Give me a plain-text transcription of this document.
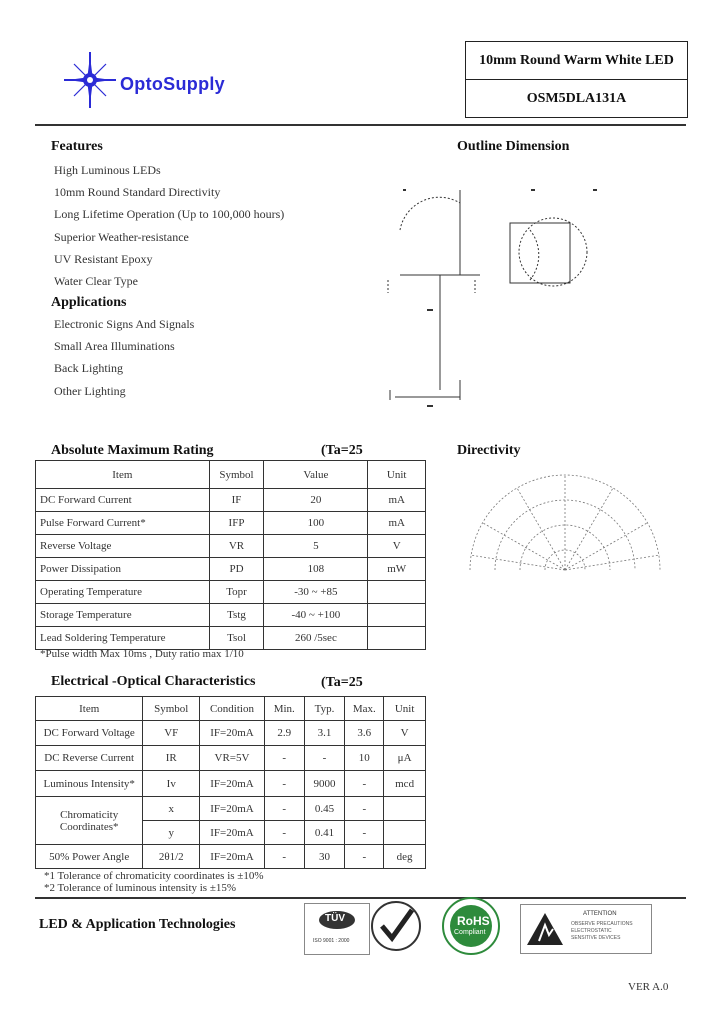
OptoSupply
10mm Round Warm White LED
OSM5DLA131A
Features
High Luminous LEDs
10mm Round Standard Directivity
Long Lifetime Operation (Up to 100,000 hours)
Superior Weather-resistance
UV Resistant Epoxy
Water Clear Type
Applications
Electronic Signs And Signals
Small Area Illuminations
Back Lighting
Other Lighting
Outline Dimension
Absolute Maximum Rating	(Ta=25
Item	Symbol	Value	Unit
DC Forward Current	IF	20	mA
Pulse Forward Current*	IFP	100	mA
Reverse Voltage	VR	5	V
Power Dissipation	PD	108	mW
Operating Temperature	Topr	-30 ~ +85	
Storage Temperature	Tstg	-40 ~ +100	
Lead Soldering Temperature	Tsol	260 /5sec	
*Pulse width Max 10ms , Duty ratio max 1/10
Directivity
Electrical -Optical Characteristics	(Ta=25
Item	Symbol	Condition	Min.	Typ.	Max.	Unit
DC Forward Voltage	VF	IF=20mA	2.9	3.1	3.6	V
DC Reverse Current	IR	VR=5V	-	-	10	μA
Luminous Intensity*	Iv	IF=20mA	-	9000	-	mcd

Chromaticity
Coordinates*	x	IF=20mA	-	0.45	-	
	y	IF=20mA	-	0.41	-	
50% Power Angle	2θ1/2	IF=20mA	-	30	-	deg
*1 Tolerance of chromaticity coordinates is ±10%
*2 Tolerance of luminous intensity is ±15%
LED & Application Technologies	TÜV
ISO 9001 : 2000
RoHS
Compliant
ATTENTION
OBSERVE PRECAUTIONS
ELECTROSTATIC
SENSITIVE DEVICES
VER A.0
